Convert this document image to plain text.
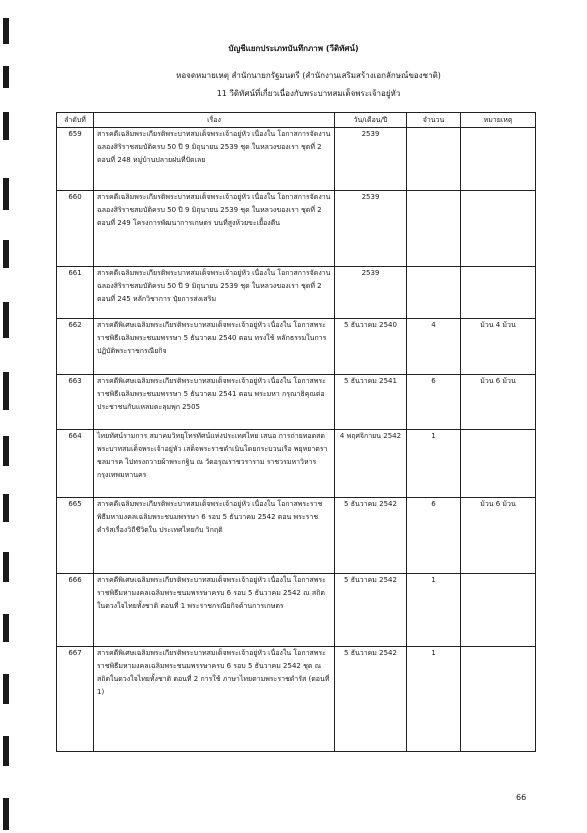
บัญชีแยกประเภทบันทึกภาพ (วีดิทัศน์)
หอจดหมายเหตุ สำนักนายกรัฐมนตรี (สำนักงานเสริมสร้างเอกลักษณ์ของชาติ)
11 วีดิทัศน์ที่เกี่ยวเนื่องกับพระบาทสมเด็จพระเจ้าอยู่หัว
ลำดับที่	เรื่อง	วัน/เดือน/ปี	จำนวน	หมายเหตุ
659	สารคดีเฉลิมพระเกียรติพระบาทสมเด็จพระเจ้าอยู่หัว เนื่องใน โอกาสการจัดงานฉลองสิริราชสมบัติครบ 50 ปี 9 มิถุนายน 2539 ชุด ในหลวงของเรา ชุดที่ 2 ตอนที่ 248 หมู่บ้านปลายฝนที่ปัตเลย	2539		
660	สารคดีเฉลิมพระเกียรติพระบาทสมเด็จพระเจ้าอยู่หัว เนื่องใน โอกาสการจัดงานฉลองสิริราชสมบัติครบ 50 ปี 9 มิถุนายน 2539 ชุด ในหลวงของเรา ชุดที่ 2 ตอนที่ 249 โครงการพัฒนาการเกษตร บนที่สูงห้วยขะเยื้องตีน	2539		
661	สารคดีเฉลิมพระเกียรติพระบาทสมเด็จพระเจ้าอยู่หัว เนื่องใน โอกาสการจัดงานฉลองสิริราชสมบัติครบ 50 ปี 9 มิถุนายน 2539 ชุด ในหลวงของเรา ชุดที่ 2 ตอนที่ 245 หลักวิชาการ ปุ๋ยการส่งเสริม	2539		
662	สารคดีพิเศษเฉลิมพระเกียรติพระบาทสมเด็จพระเจ้าอยู่หัว เนื่องใน โอกาสพระราชพิธีเฉลิมพระชนมพรรษา 5 ธันวาคม 2540 ตอน ทรงใช้ หลักธรรมในการปฏิบัติพระราชกรณียกิจ	5 ธันวาคม 2540	4	ม้วน 4 ม้วน
663	สารคดีพิเศษเฉลิมพระเกียรติพระบาทสมเด็จพระเจ้าอยู่หัว เนื่องใน โอกาสพระราชพิธีเฉลิมพระชนมพรรษา 5 ธันวาคม 2541 ตอน พระมหา กรุณาธิคุณต่อประชาชนกับแหลมตะลุมพุก 2505	5 ธันวาคม 2541	6	ม้วน 6 ม้วน
664	ไทยทัศน์รามการ สมาคมวิทยุโทรทัศน์แห่งประเทศไทย เสนอ การถ่ายทอดสด พระบาทสมเด็จพระเจ้าอยู่หัว เสด็จพระราชดำเนินโดยกระบวนเรือ พยุหยาตราชลมารค ไปทรงถวายผ้าพระกฐิน ณ วัดอรุณราชวราราม ราชวรมหาวิหาร กรุงเทพมหานคร	4 พฤศจิกายน 2542	1	
665	สารคดีเฉลิมพระเกียรติพระบาทสมเด็จพระเจ้าอยู่หัว เนื่องใน โอกาสพระราชพิธีมหามงคลเฉลิมพระชนมพรรษา 6 รอบ 5 ธันวาคม 2542 ตอน พระราชดำรัสเรื่องวิถีชีวิตใน ประเทศไทยกับ วิกฤติ	5 ธันวาคม 2542	6	ม้วน 6 ม้วน
666	สารคดีพิเศษเฉลิมพระเกียรติพระบาทสมเด็จพระเจ้าอยู่หัว เนื่องใน โอกาสพระราชพิธีมหามงคลเฉลิมพระชนมพรรษาครบ 6 รอบ 5 ธันวาคม 2542 ณ สถิตในดวงใจไทยทั้งชาติ ตอนที่ 1 พระราชกรณียกิจด้านการเกษตร	5 ธันวาคม 2542	1	
667	สารคดีพิเศษเฉลิมพระเกียรติพระบาทสมเด็จพระเจ้าอยู่หัว เนื่องใน โอกาสพระราชพิธีมหามงคลเฉลิมพระชนมพรรษาครบ 6 รอบ 5 ธันวาคม 2542 ชุด ณ สถิตในดวงใจไทยทั้งชาติ ตอนที่ 2 การใช้ ภาษาไทยตามพระราชดำรัส (ตอนที่ 1)	5 ธันวาคม 2542	1	
66
